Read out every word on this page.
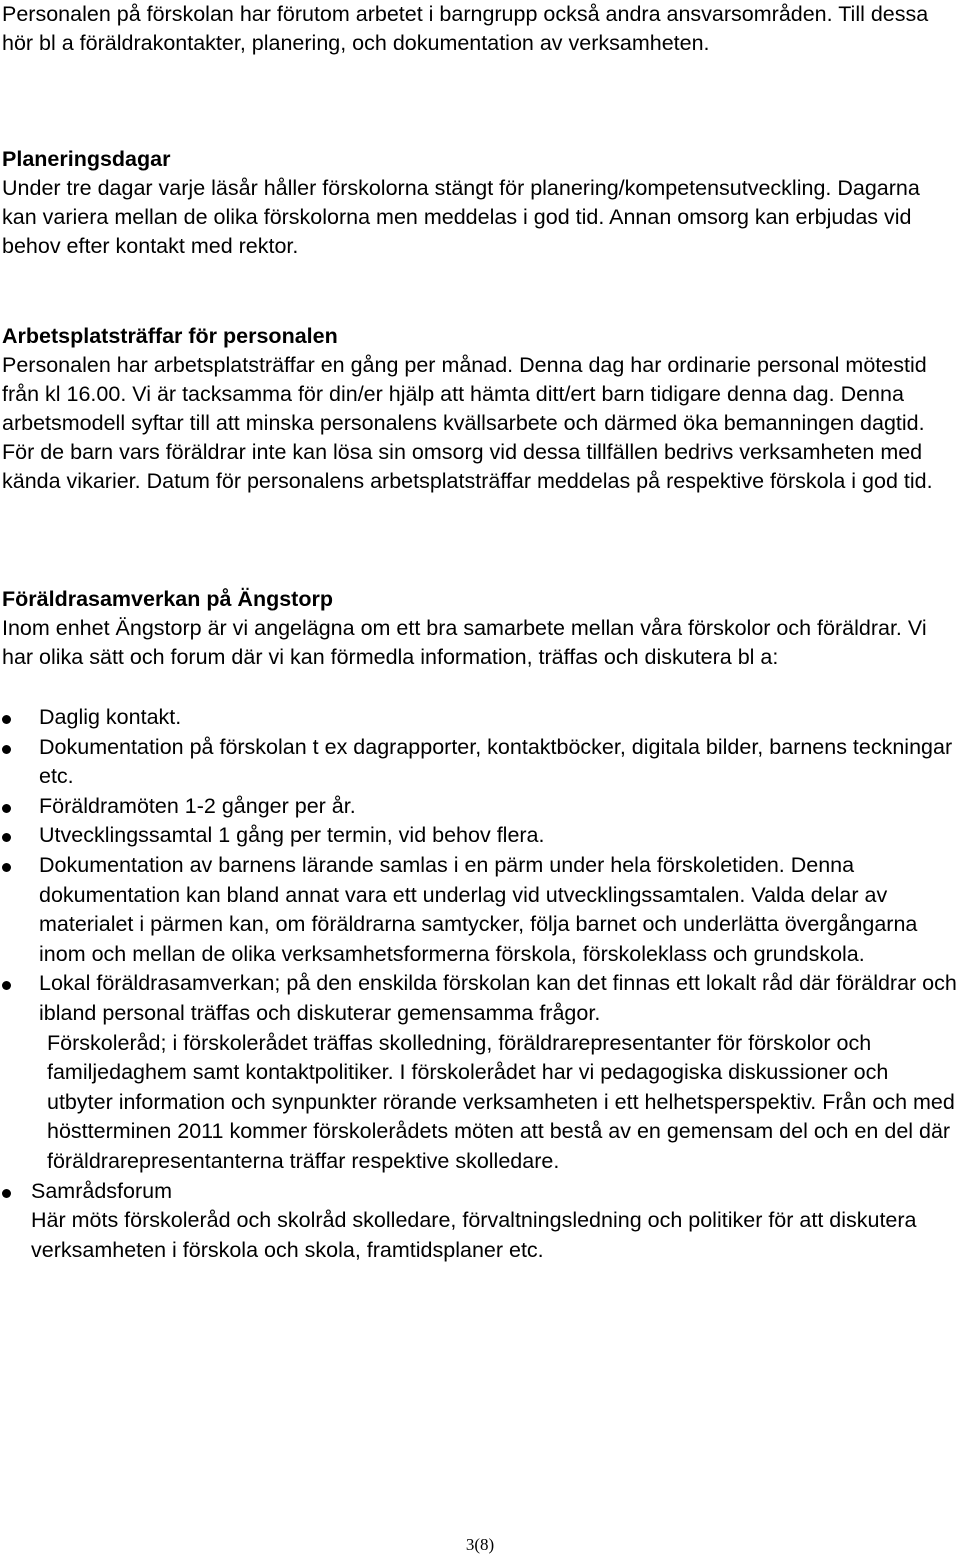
Personalen på förskolan har förutom arbetet i barngrupp också andra ansvarsområden. Till dessa hör bl a föräldrakontakter, planering, och dokumentation av verksamheten.

Planeringsdagar

Under tre dagar varje läsår håller förskolorna stängt för planering/kompetensutveckling. Dagarna kan variera mellan de olika förskolorna men meddelas i god tid. Annan omsorg kan erbjudas vid behov efter kontakt med rektor.

Arbetsplatsträffar för personalen

Personalen har arbetsplatsträffar en gång per månad. Denna dag har ordinarie personal mötestid från kl 16.00. Vi är tacksamma för din/er hjälp att hämta ditt/ert barn tidigare denna dag. Denna arbetsmodell syftar till att minska personalens kvällsarbete och därmed öka bemanningen dagtid. För de barn vars föräldrar inte kan lösa sin omsorg vid dessa tillfällen bedrivs verksamheten med kända vikarier. Datum för personalens arbetsplatsträffar meddelas på respektive förskola i god tid.

Föräldrasamverkan på Ängstorp

Inom enhet Ängstorp är vi angelägna om ett bra samarbete mellan våra förskolor och föräldrar. Vi har olika sätt och forum där vi kan förmedla information, träffas och diskutera bl a:

Daglig kontakt.
Dokumentation på förskolan t ex dagrapporter, kontaktböcker, digitala bilder, barnens teckningar etc.
Föräldramöten 1-2 gånger per år.
Utvecklingssamtal 1 gång per termin, vid behov flera.
Dokumentation av barnens lärande samlas i en pärm under hela förskoletiden. Denna dokumentation kan bland annat vara ett underlag vid utvecklingssamtalen. Valda delar av materialet i pärmen kan, om föräldrarna samtycker, följa barnet och underlätta övergångarna inom och mellan de olika verksamhetsformerna förskola, förskoleklass och grundskola.
Lokal föräldrasamverkan; på den enskilda förskolan kan det finnas ett lokalt råd där föräldrar och ibland personal träffas och diskuterar gemensamma frågor.
Förskoleråd; i förskolerådet träffas skolledning, föräldrarepresentanter för förskolor och familjedaghem samt kontaktpolitiker. I förskolerådet har vi pedagogiska diskussioner och utbyter information och synpunkter rörande verksamheten i ett helhetsperspektiv. Från och med höstterminen 2011 kommer förskolerådets möten att bestå av en gemensam del och en del där föräldrarepresentanterna träffar respektive skolledare.
Samrådsforum
Här möts förskoleråd och skolråd skolledare, förvaltningsledning och politiker för att diskutera verksamheten i förskola och skola, framtidsplaner etc.
3(8)
